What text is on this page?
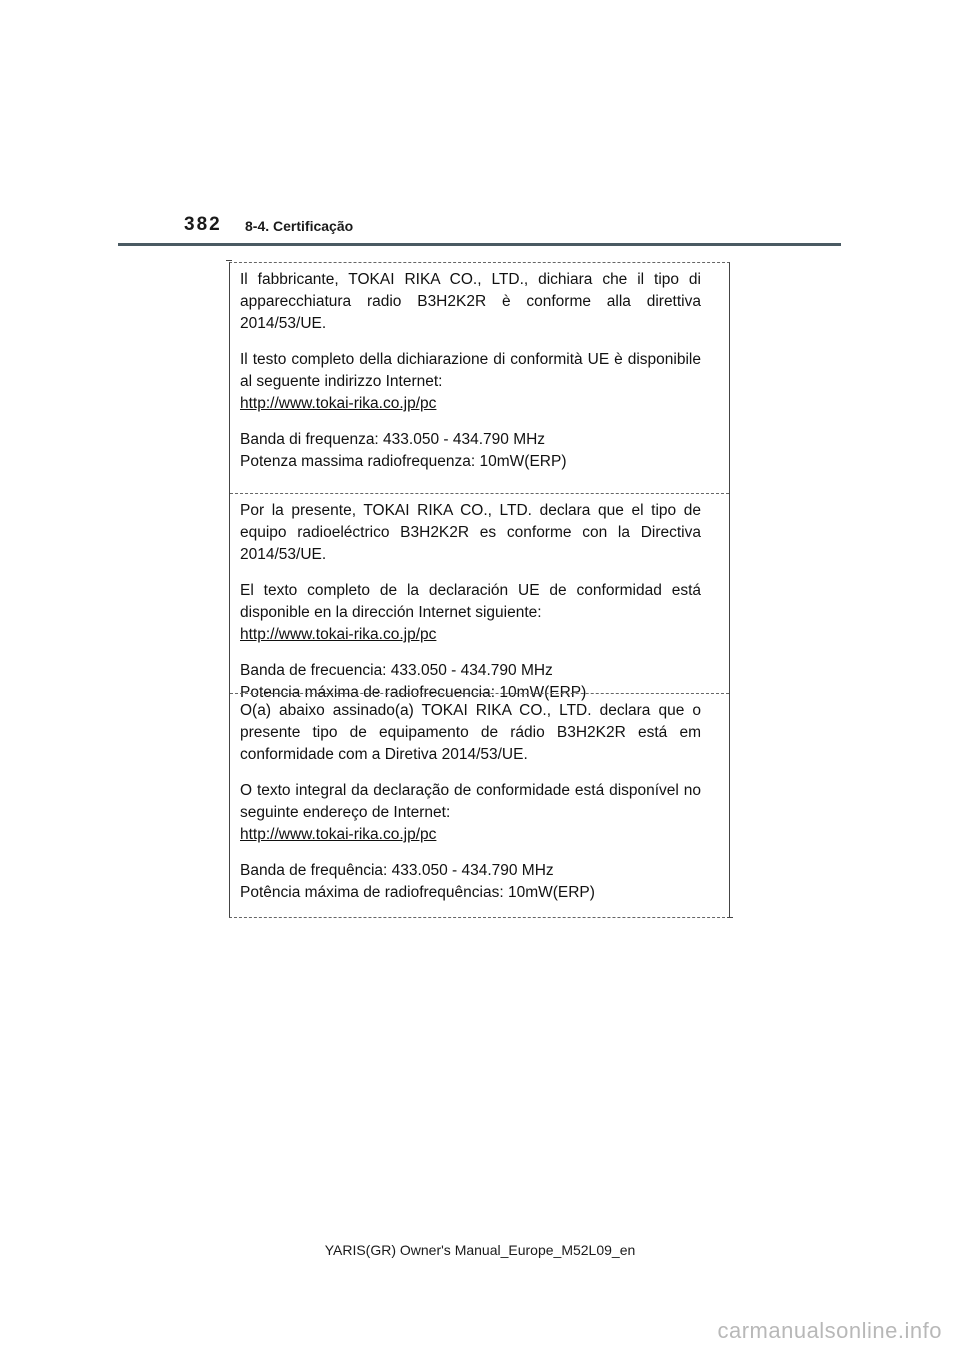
382 8-4. Certificação

Il fabbricante, TOKAI RIKA CO., LTD., dichiara che il tipo di apparecchiatura radio B3H2K2R è conforme alla direttiva 2014/53/UE.

Il testo completo della dichiarazione di conformità UE è disponibile al seguente indirizzo Internet:

http://www.tokai-rika.co.jp/pc

Banda di frequenza: 433.050 - 434.790 MHz

Potenza massima radiofrequenza: 10mW(ERP)

Por la presente, TOKAI RIKA CO., LTD. declara que el tipo de equipo radioeléctrico B3H2K2R es conforme con la Directiva 2014/53/UE.

El texto completo de la declaración UE de conformidad está disponible en la dirección Internet siguiente:

http://www.tokai-rika.co.jp/pc

Banda de frecuencia: 433.050 - 434.790 MHz

Potencia máxima de radiofrecuencia: 10mW(ERP)

O(a) abaixo assinado(a) TOKAI RIKA CO., LTD. declara que o presente tipo de equipamento de rádio B3H2K2R está em conformidade com a Diretiva 2014/53/UE.

O texto integral da declaração de conformidade está disponível no seguinte endereço de Internet:

http://www.tokai-rika.co.jp/pc

Banda de frequência: 433.050 - 434.790 MHz

Potência máxima de radiofrequências: 10mW(ERP)

YARIS(GR) Owner's Manual_Europe_M52L09_en
carmanualsonline.info
